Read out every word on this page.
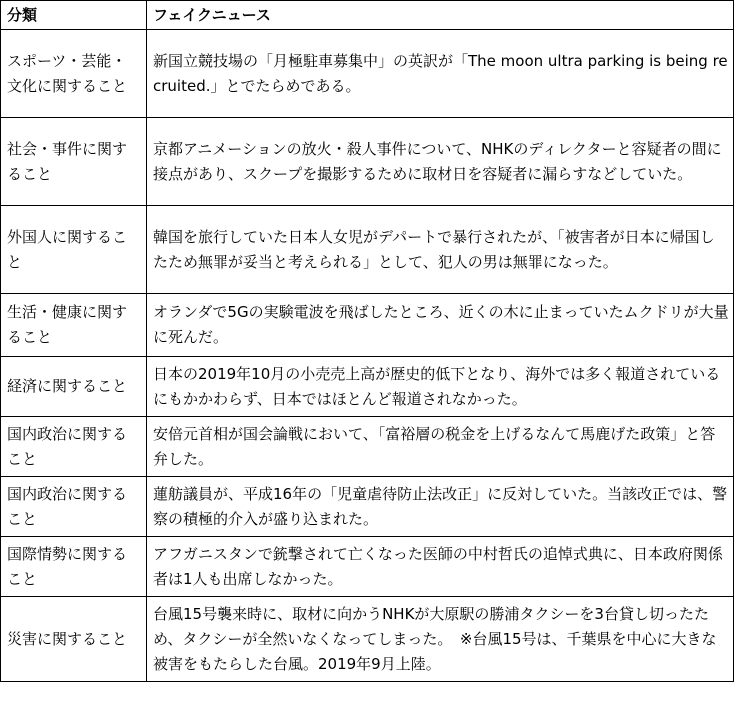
分類	フェイクニュース
スポーツ・芸能・文化に関すること	新国立競技場の「月極駐車募集中」の英訳が「The moon ultra parking is being recruited.」とでたらめである。
社会・事件に関すること	京都アニメーションの放火・殺人事件について、NHKのディレクターと容疑者の間に接点があり、スクープを撮影するために取材日を容疑者に漏らすなどしていた。
外国人に関すること	韓国を旅行していた日本人女児がデパートで暴行されたが、「被害者が日本に帰国したため無罪が妥当と考えられる」として、犯人の男は無罪になった。
生活・健康に関すること	オランダで5Gの実験電波を飛ばしたところ、近くの木に止まっていたムクドリが大量に死んだ。
経済に関すること	日本の2019年10月の小売売上高が歴史的低下となり、海外では多く報道されているにもかかわらず、日本ではほとんど報道されなかった。
国内政治に関すること	安倍元首相が国会論戦において、「富裕層の税金を上げるなんて馬鹿げた政策」と答弁した。
国内政治に関すること	蓮舫議員が、平成16年の「児童虐待防止法改正」に反対していた。当該改正では、警察の積極的介入が盛り込まれた。
国際情勢に関すること	アフガニスタンで銃撃されて亡くなった医師の中村哲氏の追悼式典に、日本政府関係者は1人も出席しなかった。
災害に関すること	台風15号襲来時に、取材に向かうNHKが大原駅の勝浦タクシーを3台貸し切ったため、タクシーが全然いなくなってしまった。　※台風15号は、千葉県を中心に大きな被害をもたらした台風。2019年9月上陸。
